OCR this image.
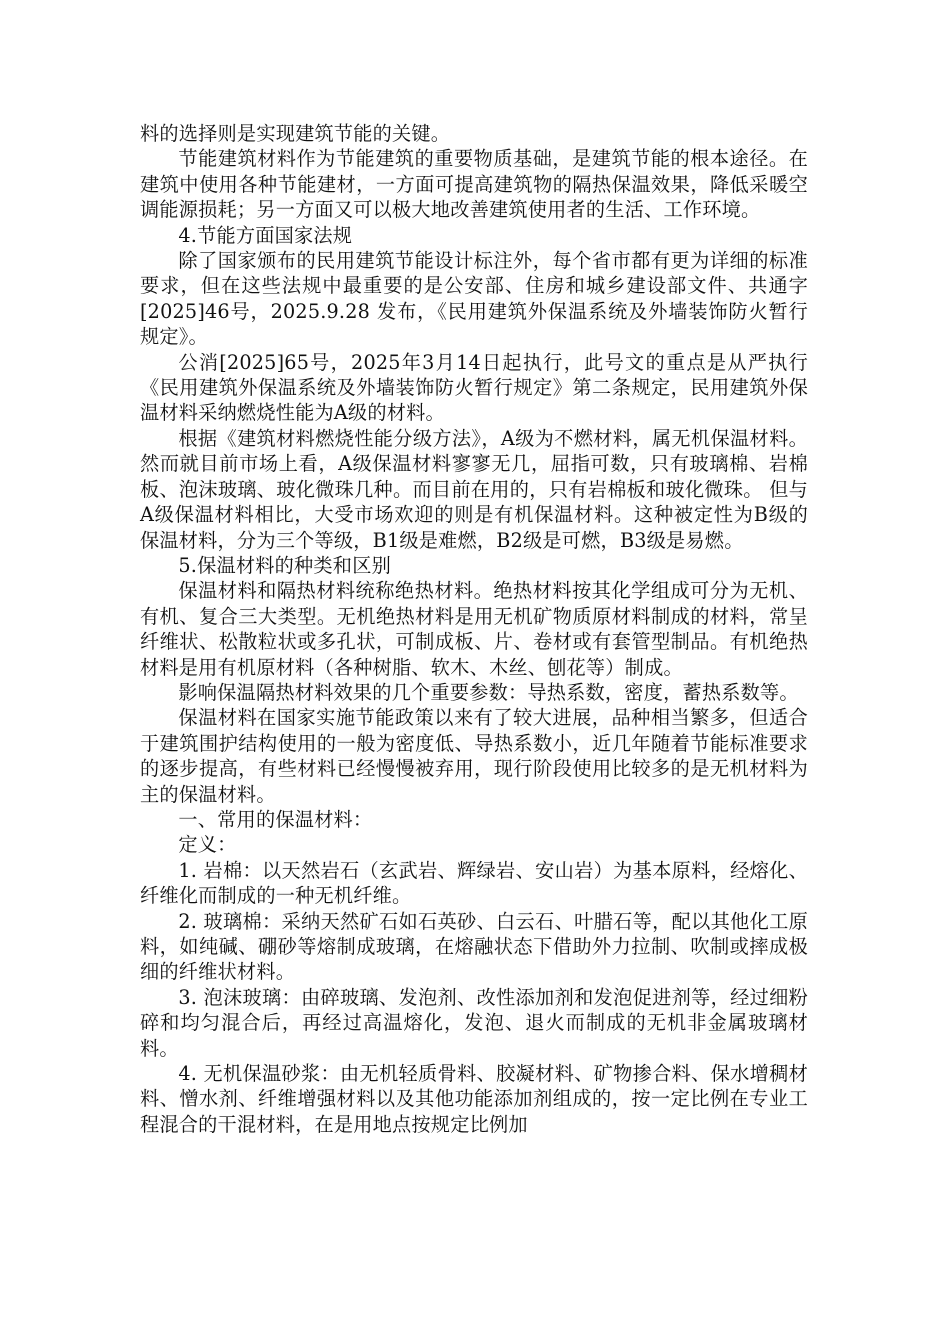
料的选择则是实现建筑节能的关键。

节能建筑材料作为节能建筑的重要物质基础，是建筑节能的根本途径。在建筑中使用各种节能建材，一方面可提高建筑物的隔热保温效果，降低采暖空调能源损耗；另一方面又可以极大地改善建筑使用者的生活、工作环境。

4.节能方面国家法规

除了国家颁布的民用建筑节能设计标注外，每个省市都有更为详细的标准要求，但在这些法规中最重要的是公安部、住房和城乡建设部文件、共通字[2025]46号，2025.9.28 发布，《民用建筑外保温系统及外墙装饰防火暂行规定》。

公消[2025]65号，2025年3月14日起执行，此号文的重点是从严执行《民用建筑外保温系统及外墙装饰防火暂行规定》第二条规定，民用建筑外保温材料采纳燃烧性能为A级的材料。

根据《建筑材料燃烧性能分级方法》，A级为不燃材料，属无机保温材料。然而就目前市场上看，A级保温材料寥寥无几，屈指可数，只有玻璃棉、岩棉板、泡沫玻璃、玻化微珠几种。而目前在用的，只有岩棉板和玻化微珠。 但与A级保温材料相比，大受市场欢迎的则是有机保温材料。这种被定性为B级的保温材料，分为三个等级，B1级是难燃，B2级是可燃，B3级是易燃。

5.保温材料的种类和区别

保温材料和隔热材料统称绝热材料。绝热材料按其化学组成可分为无机、有机、复合三大类型。无机绝热材料是用无机矿物质原材料制成的材料，常呈纤维状、松散粒状或多孔状，可制成板、片、卷材或有套管型制品。有机绝热材料是用有机原材料（各种树脂、软木、木丝、刨花等）制成。

影响保温隔热材料效果的几个重要参数：导热系数，密度，蓄热系数等。

保温材料在国家实施节能政策以来有了较大进展，品种相当繁多，但适合于建筑围护结构使用的一般为密度低、导热系数小，近几年随着节能标准要求的逐步提高，有些材料已经慢慢被弃用，现行阶段使用比较多的是无机材料为主的保温材料。

一、常用的保温材料：

定义：

1. 岩棉：以天然岩石（玄武岩、辉绿岩、安山岩）为基本原料，经熔化、纤维化而制成的一种无机纤维。

2. 玻璃棉：采纳天然矿石如石英砂、白云石、叶腊石等，配以其他化工原料，如纯碱、硼砂等熔制成玻璃，在熔融状态下借助外力拉制、吹制或摔成极细的纤维状材料。

3. 泡沫玻璃：由碎玻璃、发泡剂、改性添加剂和发泡促进剂等，经过细粉碎和均匀混合后，再经过高温熔化，发泡、退火而制成的无机非金属玻璃材料。

4. 无机保温砂浆：由无机轻质骨料、胶凝材料、矿物掺合料、保水增稠材料、憎水剂、纤维增强材料以及其他功能添加剂组成的，按一定比例在专业工程混合的干混材料，在是用地点按规定比例加
